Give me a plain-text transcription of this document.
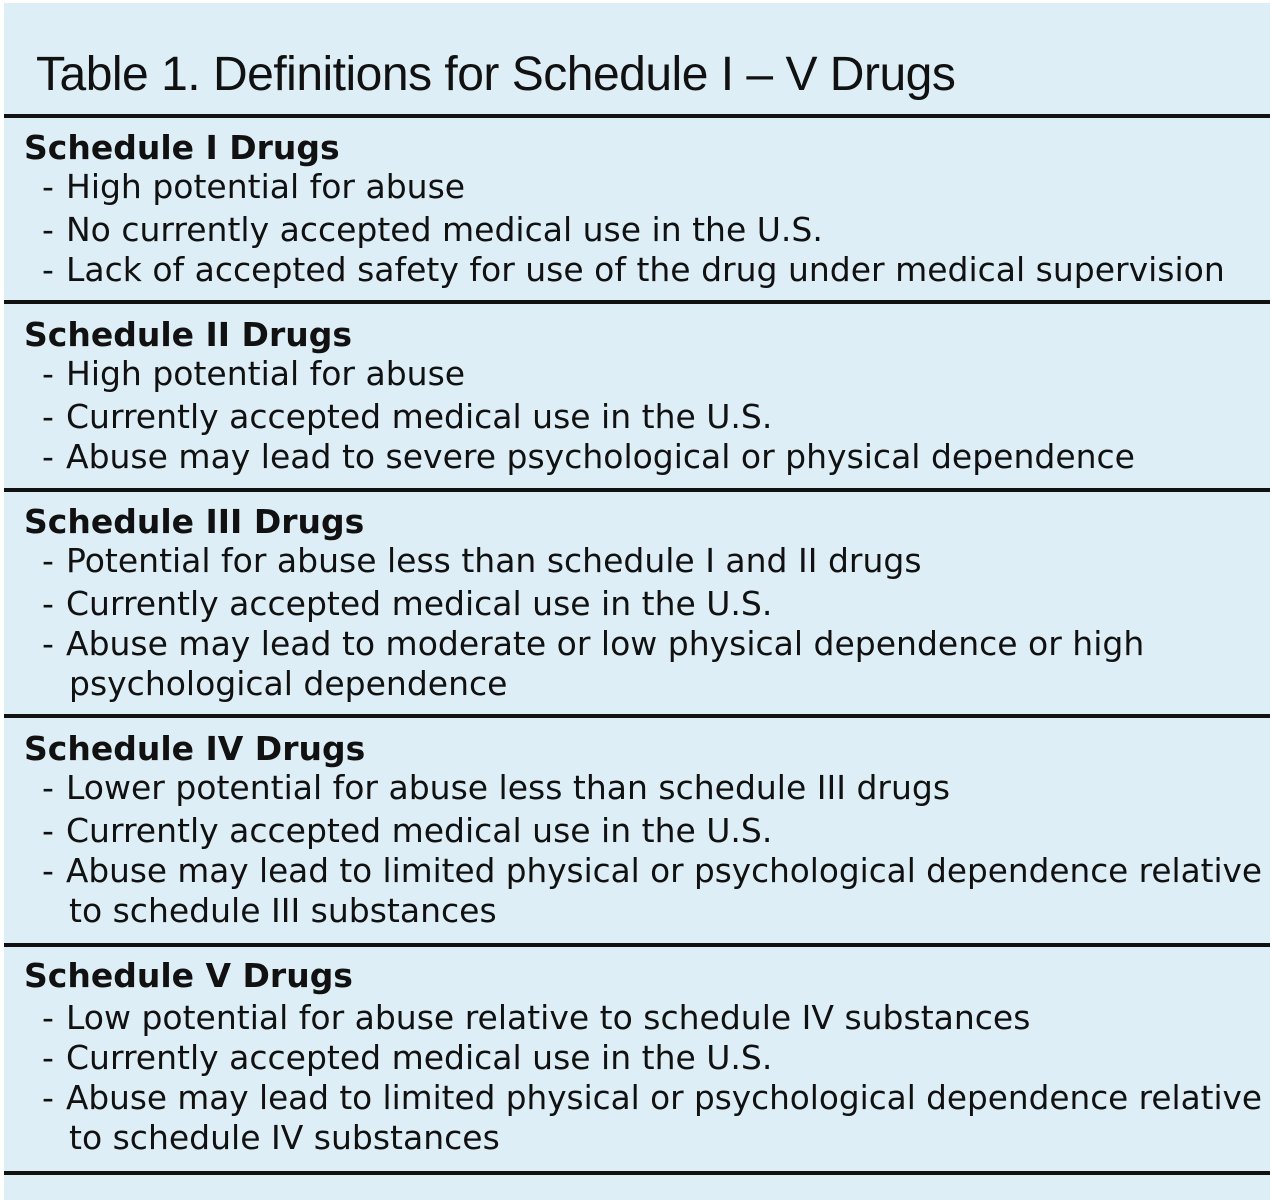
Table 1. Definitions for Schedule I – V Drugs
Schedule I Drugs
- High potential for abuse
- No currently accepted medical use in the U.S.
- Lack of accepted safety for use of the drug under medical supervision
Schedule II Drugs
- High potential for abuse
- Currently accepted medical use in the U.S.
- Abuse may lead to severe psychological or physical dependence
Schedule III Drugs
- Potential for abuse less than schedule I and II drugs
- Currently accepted medical use in the U.S.
- Abuse may lead to moderate or low physical dependence or high
psychological dependence
Schedule IV Drugs
- Lower potential for abuse less than schedule III drugs
- Currently accepted medical use in the U.S.
- Abuse may lead to limited physical or psychological dependence relative
to schedule III substances
Schedule V Drugs
- Low potential for abuse relative to schedule IV substances
- Currently accepted medical use in the U.S.
- Abuse may lead to limited physical or psychological dependence relative
to schedule IV substances
